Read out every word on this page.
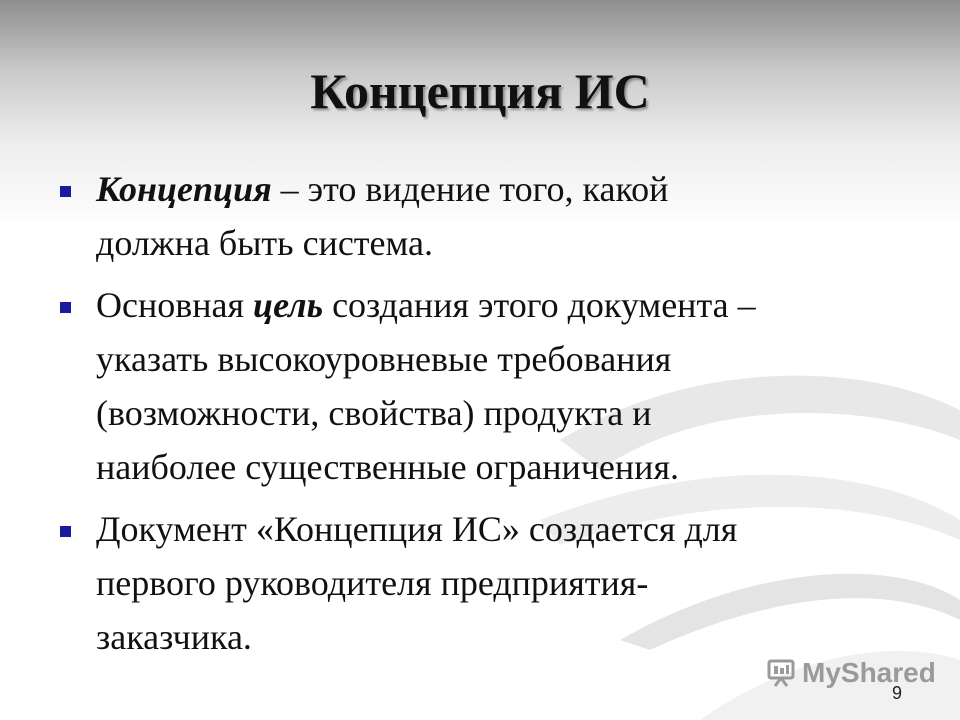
Концепция ИС
Концепция – это видение того, какой
должна быть система.
Основная цель создания этого документа –
указать высокоуровневые требования
(возможности, свойства) продукта и
наиболее существенные ограничения.
Документ «Концепция ИС» создается для
первого руководителя предприятия-
заказчика.
MyShared
9
